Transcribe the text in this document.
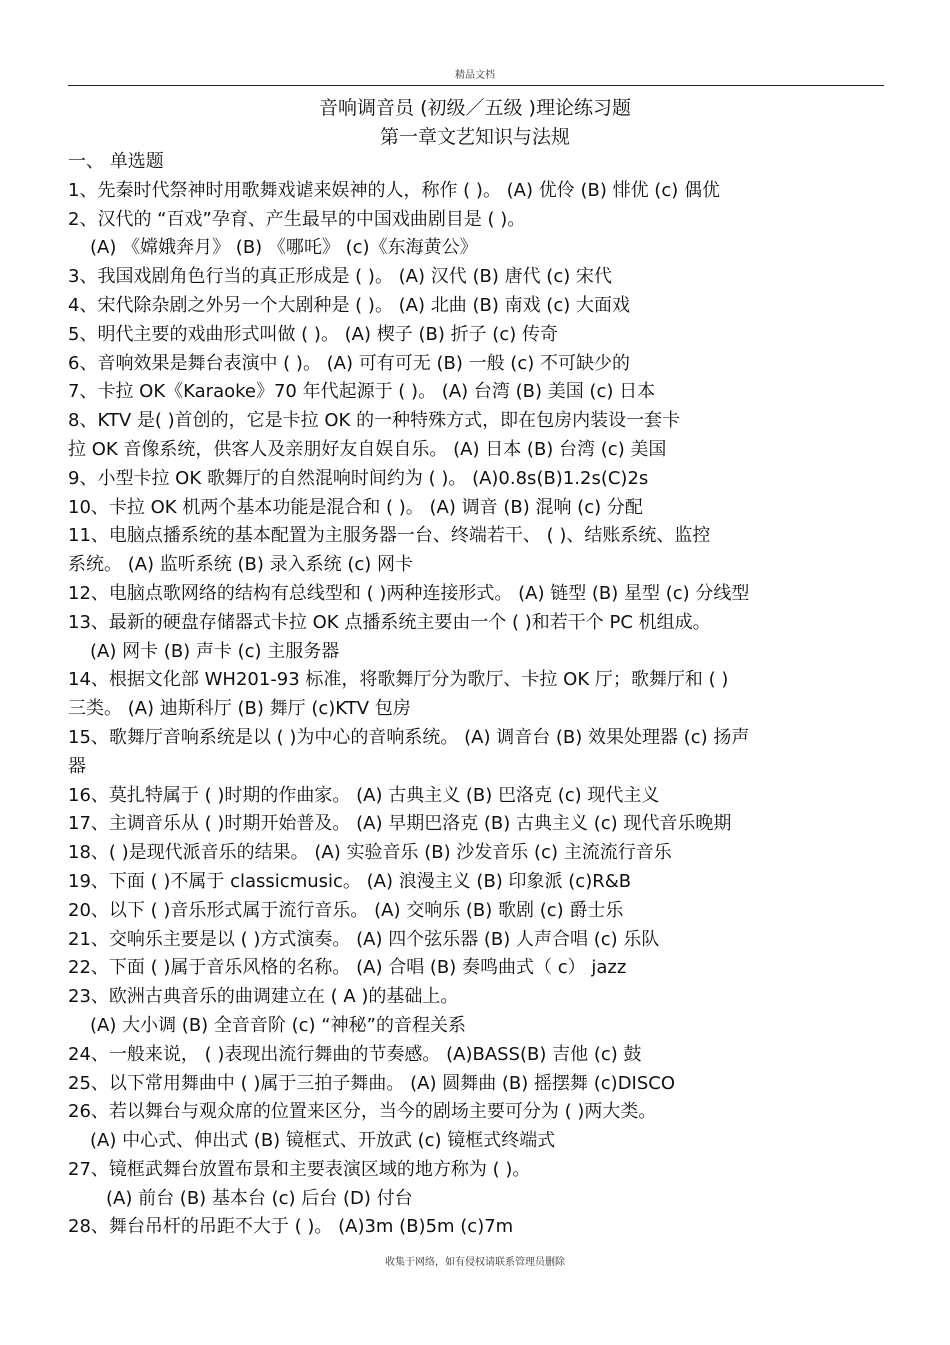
精品文档
音响调音员 (初级／五级 )理论练习题
第一章文艺知识与法规
一、 单选题
1、先秦时代祭神时用歌舞戏谑来娱神的人，称作 ( )。 (A) 优伶 (B) 悱优 (c) 偶优
2、汉代的 “百戏”孕育、产生最早的中国戏曲剧目是 ( )。
(A) 《嫦娥奔月》 (B) 《哪吒》 (c)《东海黄公》
3、我国戏剧角色行当的真正形成是 ( )。 (A) 汉代 (B) 唐代 (c) 宋代
4、宋代除杂剧之外另一个大剧种是 ( )。 (A) 北曲 (B) 南戏 (c) 大面戏
5、明代主要的戏曲形式叫做 ( )。 (A) 楔子 (B) 折子 (c) 传奇
6、音响效果是舞台表演中 ( )。 (A) 可有可无 (B) 一般 (c) 不可缺少的
7、卡拉 OK《Karaoke》70 年代起源于 ( )。 (A) 台湾 (B) 美国 (c) 日本
8、KTV 是( )首创的，它是卡拉 OK 的一种特殊方式，即在包房内装设一套卡
拉 OK 音像系统，供客人及亲朋好友自娱自乐。 (A) 日本 (B) 台湾 (c) 美国
9、小型卡拉 OK 歌舞厅的自然混响时间约为 ( )。 (A)0.8s(B)1.2s(C)2s
10、卡拉 OK 机两个基本功能是混合和 ( )。 (A) 调音 (B) 混响 (c) 分配
11、电脑点播系统的基本配置为主服务器一台、终端若干、 ( )、结账系统、监控
系统。 (A) 监听系统 (B) 录入系统 (c) 网卡
12、电脑点歌网络的结构有总线型和 ( )两种连接形式。 (A) 链型 (B) 星型 (c) 分线型
13、最新的硬盘存储器式卡拉 OK 点播系统主要由一个 ( )和若干个 PC 机组成。
(A) 网卡 (B) 声卡 (c) 主服务器
14、根据文化部 WH201-93 标准，将歌舞厅分为歌厅、卡拉 OK 厅；歌舞厅和 ( )
三类。 (A) 迪斯科厅 (B) 舞厅 (c)KTV 包房
15、歌舞厅音响系统是以 ( )为中心的音响系统。 (A) 调音台 (B) 效果处理器 (c) 扬声
器
16、莫扎特属于 ( )时期的作曲家。 (A) 古典主义 (B) 巴洛克 (c) 现代主义
17、主调音乐从 ( )时期开始普及。 (A) 早期巴洛克 (B) 古典主义 (c) 现代音乐晚期
18、( )是现代派音乐的结果。 (A) 实验音乐 (B) 沙发音乐 (c) 主流流行音乐
19、下面 ( )不属于 classicmusic。 (A) 浪漫主义 (B) 印象派 (c)R&B
20、以下 ( )音乐形式属于流行音乐。 (A) 交响乐 (B) 歌剧 (c) 爵士乐
21、交响乐主要是以 ( )方式演奏。 (A) 四个弦乐器 (B) 人声合唱 (c) 乐队
22、下面 ( )属于音乐风格的名称。 (A) 合唱 (B) 奏鸣曲式（ c） jazz
23、欧洲古典音乐的曲调建立在 ( A )的基础上。
(A) 大小调 (B) 全音音阶 (c) “神秘”的音程关系
24、一般来说， ( )表现出流行舞曲的节奏感。 (A)BASS(B) 吉他 (c) 鼓
25、以下常用舞曲中 ( )属于三拍子舞曲。 (A) 圆舞曲 (B) 摇摆舞 (c)DISCO
26、若以舞台与观众席的位置来区分，当今的剧场主要可分为 ( )两大类。
(A) 中心式、伸出式 (B) 镜框式、开放武 (c) 镜框式终端式
27、镜框武舞台放置布景和主要表演区域的地方称为 ( )。
(A) 前台 (B) 基本台 (c) 后台 (D) 付台
28、舞台吊杆的吊距不大于 ( )。 (A)3m (B)5m (c)7m
收集于网络，如有侵权请联系管理员删除
